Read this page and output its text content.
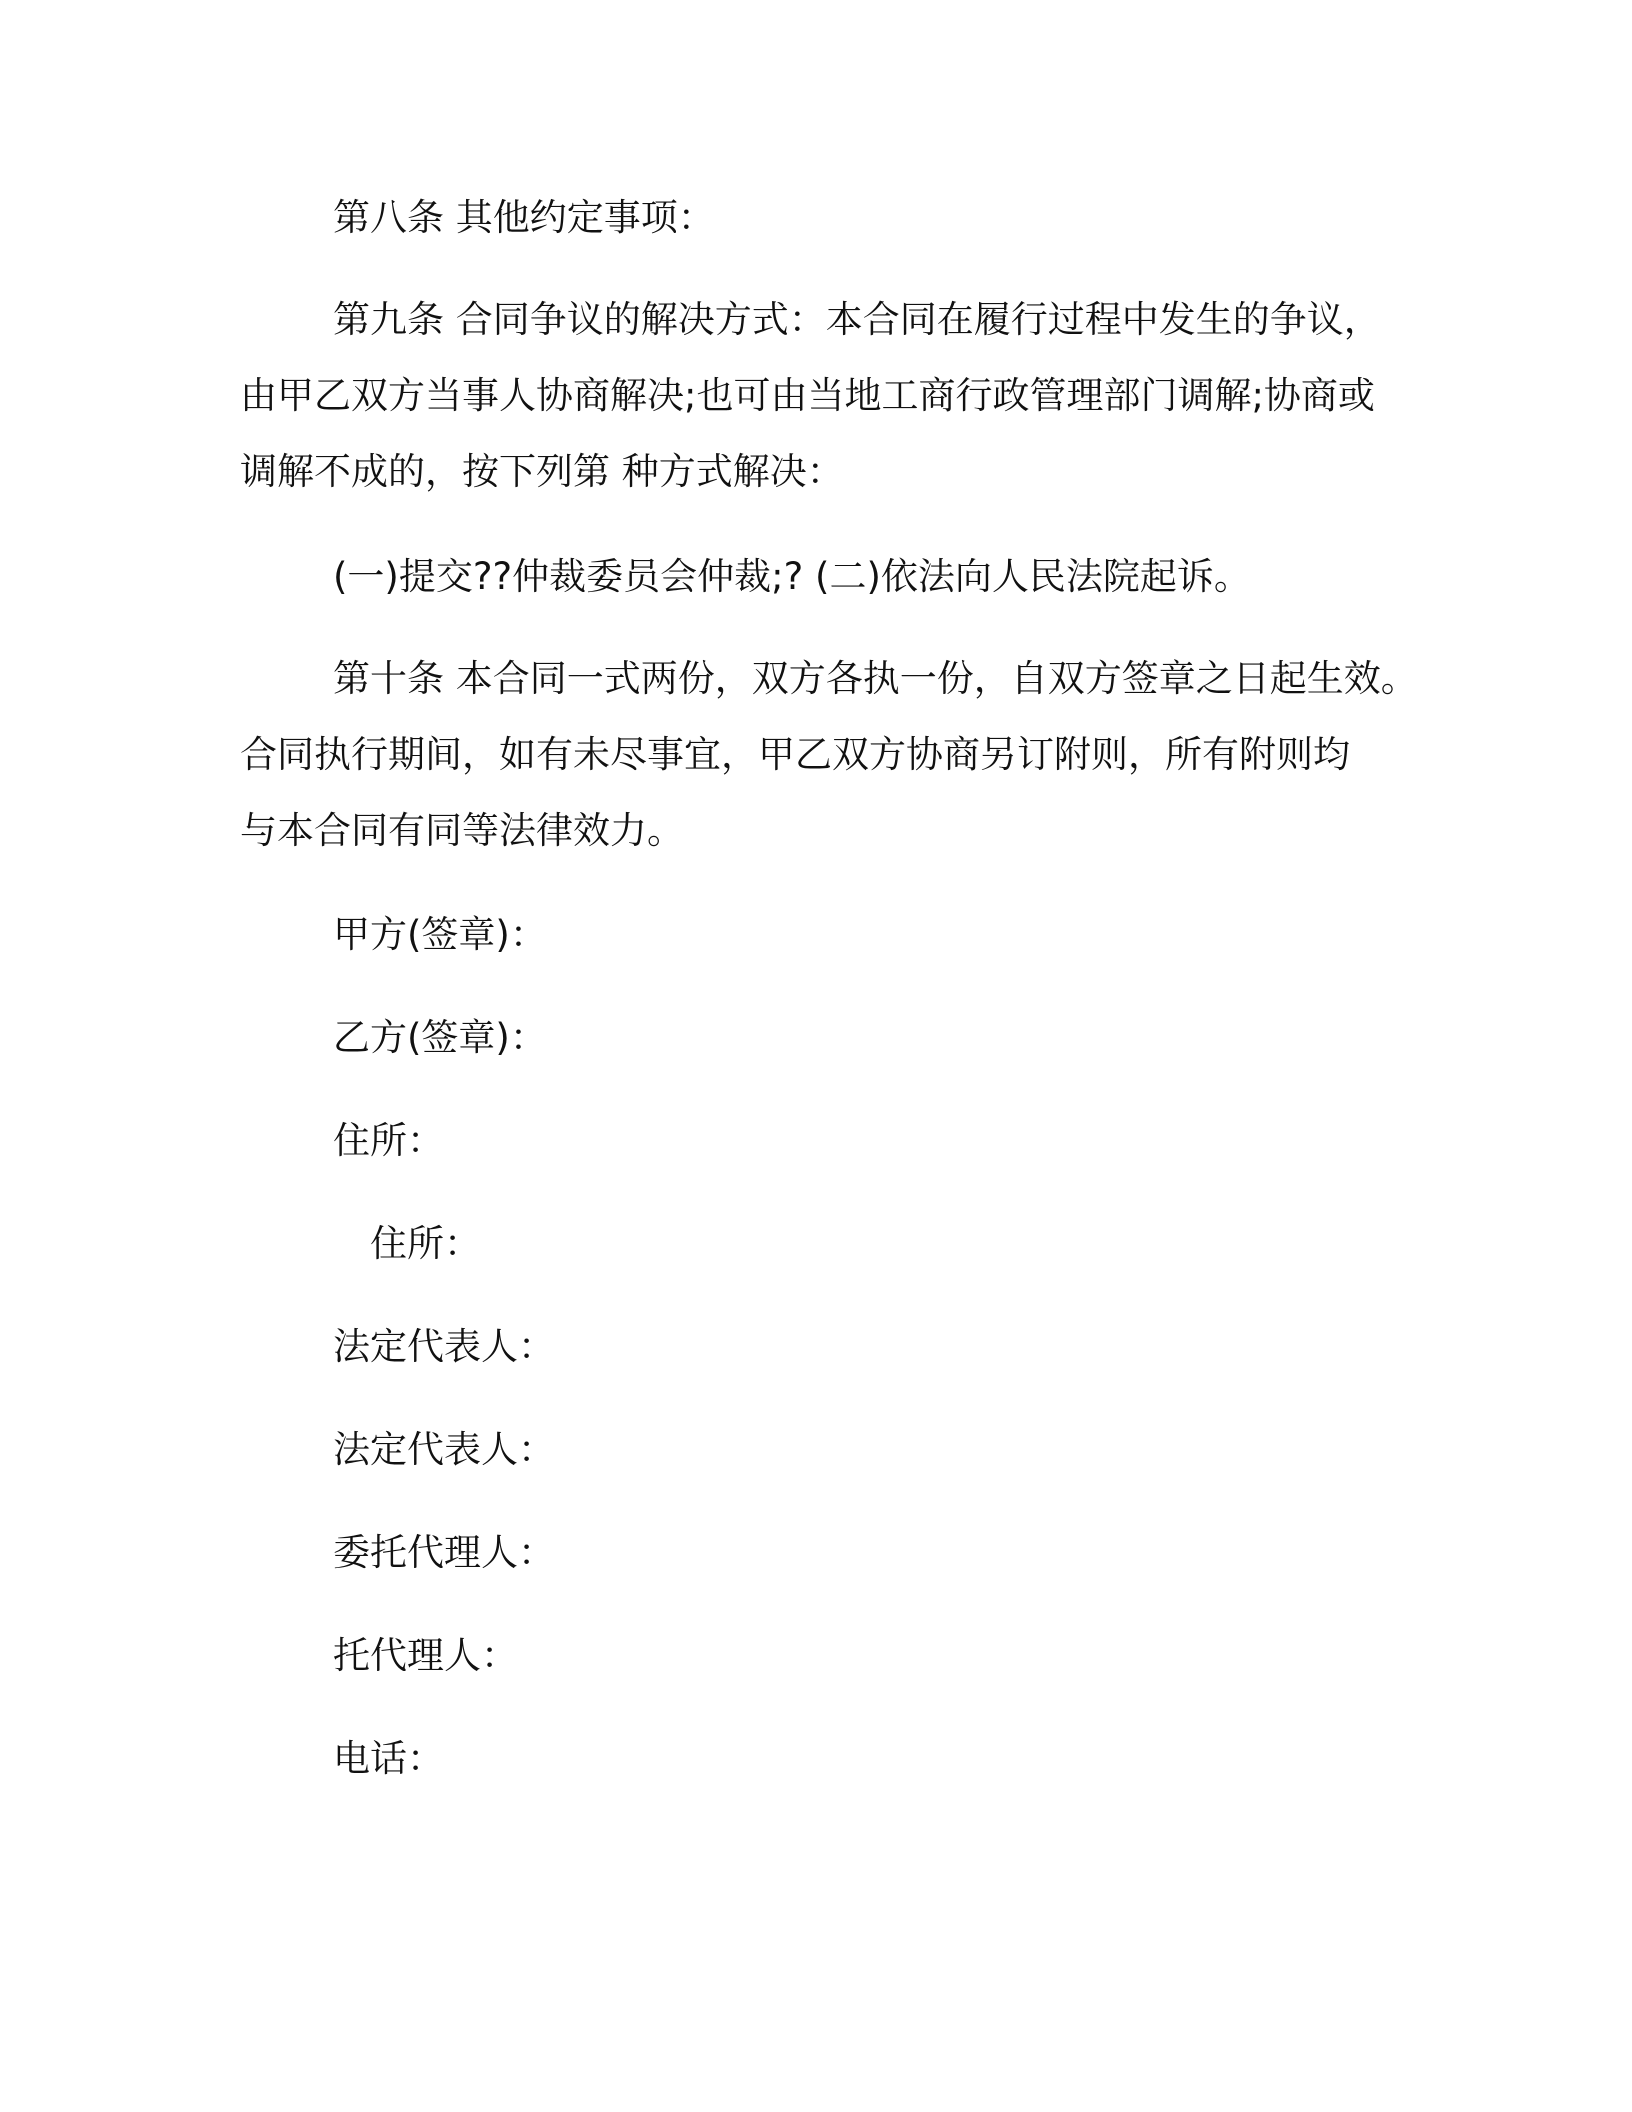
第八条 其他约定事项：
第九条 合同争议的解决方式：本合同在履行过程中发生的争议，
由甲乙双方当事人协商解决;也可由当地工商行政管理部门调解;协商或
调解不成的，按下列第 种方式解决：
(一)提交??仲裁委员会仲裁;? (二)依法向人民法院起诉。
第十条 本合同一式两份，双方各执一份，自双方签章之日起生效。
合同执行期间，如有未尽事宜，甲乙双方协商另订附则，所有附则均
与本合同有同等法律效力。
甲方(签章)：
乙方(签章)：
住所：
住所：
法定代表人：
法定代表人：
委托代理人：
托代理人：
电话：
